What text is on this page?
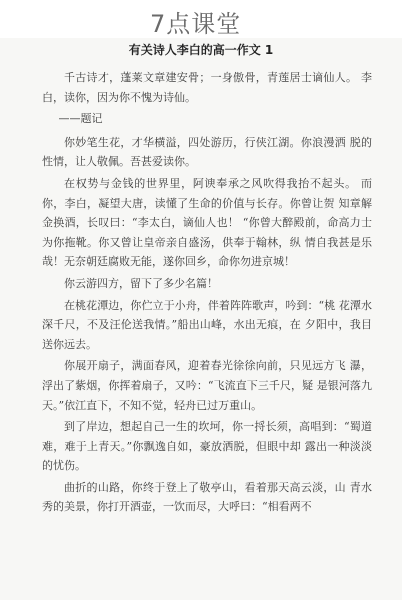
7点课堂
有关诗人李白的高一作文 1

千古诗才，蓬莱文章建安骨；一身傲骨，青莲居士谪仙人。 李白，读你，因为你不愧为诗仙。

——题记

你妙笔生花，才华横溢，四处游历，行侠江湖。你浪漫洒 脱的性情，让人敬佩。吾甚爱读你。

在权势与金钱的世界里，阿谀奉承之风吹得我抬不起头。 而你，李白，凝望大唐，读懂了生命的价值与长存。你曾让贺 知章解金换酒，长叹曰：“李太白，谪仙人也！ “你曾大醉殿前，命高力士为你拖靴。你又曾让皇帝亲自盛汤，供奉于翰林，纵 情自我甚是乐哉！无奈朝廷腐败无能，遂你回乡，命你勿进京城！

你云游四方，留下了多少名篇！

在桃花潭边，你伫立于小舟，伴着阵阵歌声，吟到：“桃 花潭水深千尺，不及汪伦送我情。”船出山峰，水出无痕，在 夕阳中，我目送你远去。

你展开扇子，满面春风，迎着春光徐徐向前，只见远方飞 瀑，浮出了紫烟，你挥着扇子，又吟：“飞流直下三千尺，疑 是银河落九天。”依江直下，不知不觉，轻舟已过万重山。

到了岸边，想起自己一生的坎坷，你一捋长须，高唱到：“蜀道难，难于上青天。”你飘逸自如，豪放洒脱，但眼中却 露出一种淡淡的忧伤。

曲折的山路，你终于登上了敬亭山，看着那天高云淡，山 青水秀的美景，你打开酒壶，一饮而尽，大呼曰：“相看两不
